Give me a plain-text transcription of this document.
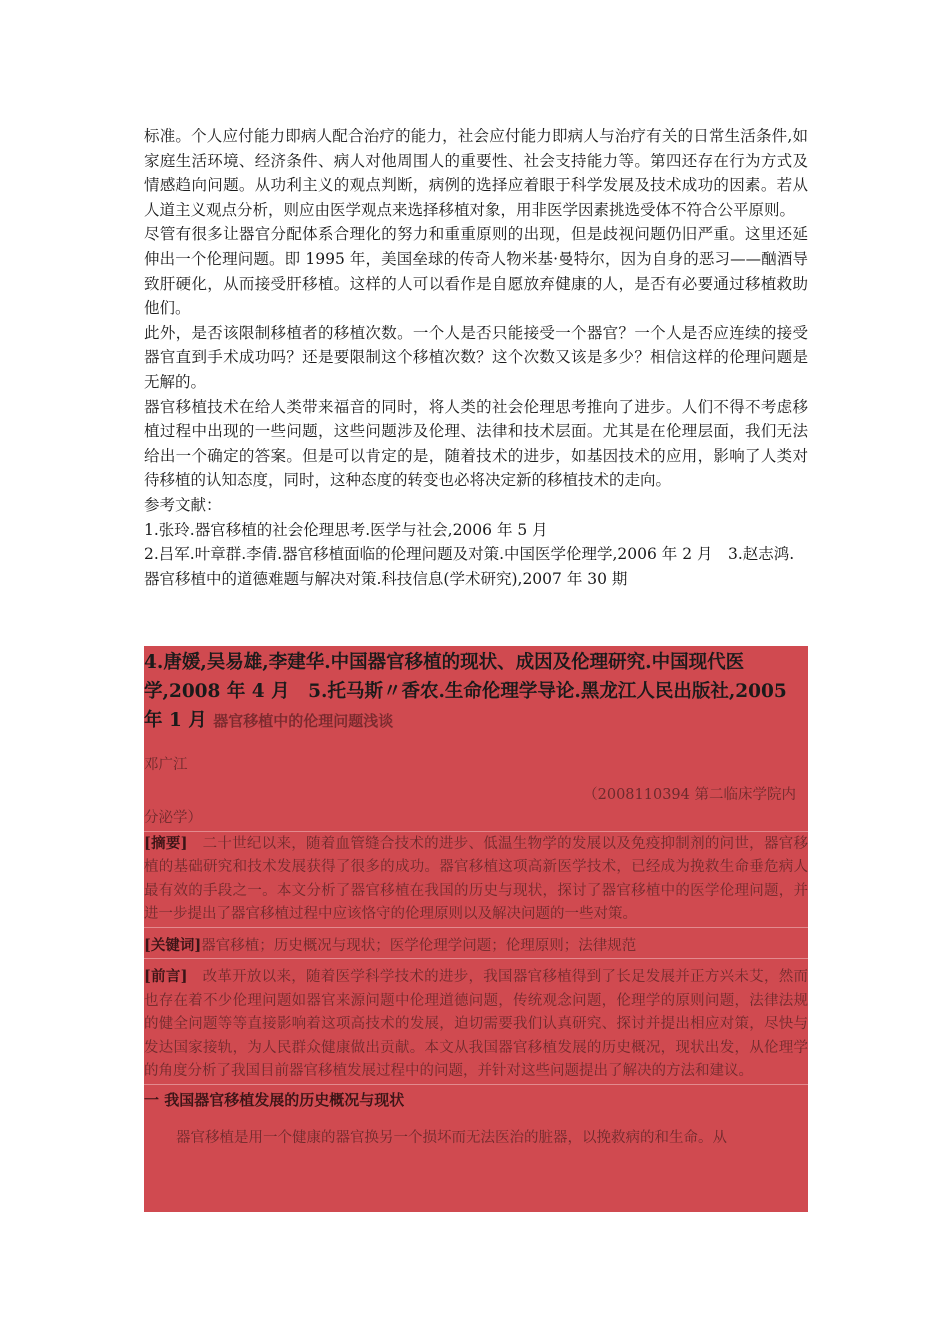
标准。个人应付能力即病人配合治疗的能力，社会应付能力即病人与治疗有关的日常生活条件,如家庭生活环境、经济条件、病人对他周围人的重要性、社会支持能力等。第四还存在行为方式及情感趋向问题。从功利主义的观点判断，病例的选择应着眼于科学发展及技术成功的因素。若从人道主义观点分析，则应由医学观点来选择移植对象，用非医学因素挑选受体不符合公平原则。

尽管有很多让器官分配体系合理化的努力和重重原则的出现，但是歧视问题仍旧严重。这里还延伸出一个伦理问题。即 1995 年，美国垒球的传奇人物米基·曼特尔，因为自身的恶习——酗酒导致肝硬化，从而接受肝移植。这样的人可以看作是自愿放弃健康的人，是否有必要通过移植救助他们。

此外，是否该限制移植者的移植次数。一个人是否只能接受一个器官？一个人是否应连续的接受器官直到手术成功吗？还是要限制这个移植次数？这个次数又该是多少？相信这样的伦理问题是无解的。

器官移植技术在给人类带来福音的同时，将人类的社会伦理思考推向了进步。人们不得不考虑移植过程中出现的一些问题，这些问题涉及伦理、法律和技术层面。尤其是在伦理层面，我们无法给出一个确定的答案。但是可以肯定的是，随着技术的进步，如基因技术的应用，影响了人类对待移植的认知态度，同时，这种态度的转变也必将决定新的移植技术的走向。

参考文献：

1.张玲.器官移植的社会伦理思考.医学与社会,2006 年 5 月

2.吕军.叶章群.李倩.器官移植面临的伦理问题及对策.中国医学伦理学,2006 年 2 月　3.赵志鸿.器官移植中的道德难题与解决对策.科技信息(学术研究),2007 年 30 期

4.唐媛,吴易雄,李建华.中国器官移植的现状、成因及伦理研究.中国现代医学,2008 年 4 月　5.托马斯〃香农.生命伦理学导论.黑龙江人民出版社,2005 年 1 月 器官移植中的伦理问题浅谈

邓广江

（2008110394 第二临床学院内

分泌学）

[摘要]　二十世纪以来，随着血管缝合技术的进步、低温生物学的发展以及免疫抑制剂的问世，器官移植的基础研究和技术发展获得了很多的成功。器官移植这项高新医学技术，已经成为挽救生命垂危病人最有效的手段之一。本文分析了器官移植在我国的历史与现状，探讨了器官移植中的医学伦理问题，并进一步提出了器官移植过程中应该恪守的伦理原则以及解决问题的一些对策。

[关键词]器官移植；历史概况与现状；医学伦理学问题；伦理原则；法律规范

[前言]　改革开放以来，随着医学科学技术的进步，我国器官移植得到了长足发展并正方兴未艾，然而也存在着不少伦理问题如器官来源问题中伦理道德问题，传统观念问题，伦理学的原则问题，法律法规的健全问题等等直接影响着这项高技术的发展，迫切需要我们认真研究、探讨并提出相应对策，尽快与发达国家接轨，为人民群众健康做出贡献。本文从我国器官移植发展的历史概况，现状出发，从伦理学的角度分析了我国目前器官移植发展过程中的问题，并针对这些问题提出了解决的方法和建议。

一 我国器官移植发展的历史概况与现状

器官移植是用一个健康的器官换另一个损坏而无法医治的脏器，以挽救病的和生命。从
